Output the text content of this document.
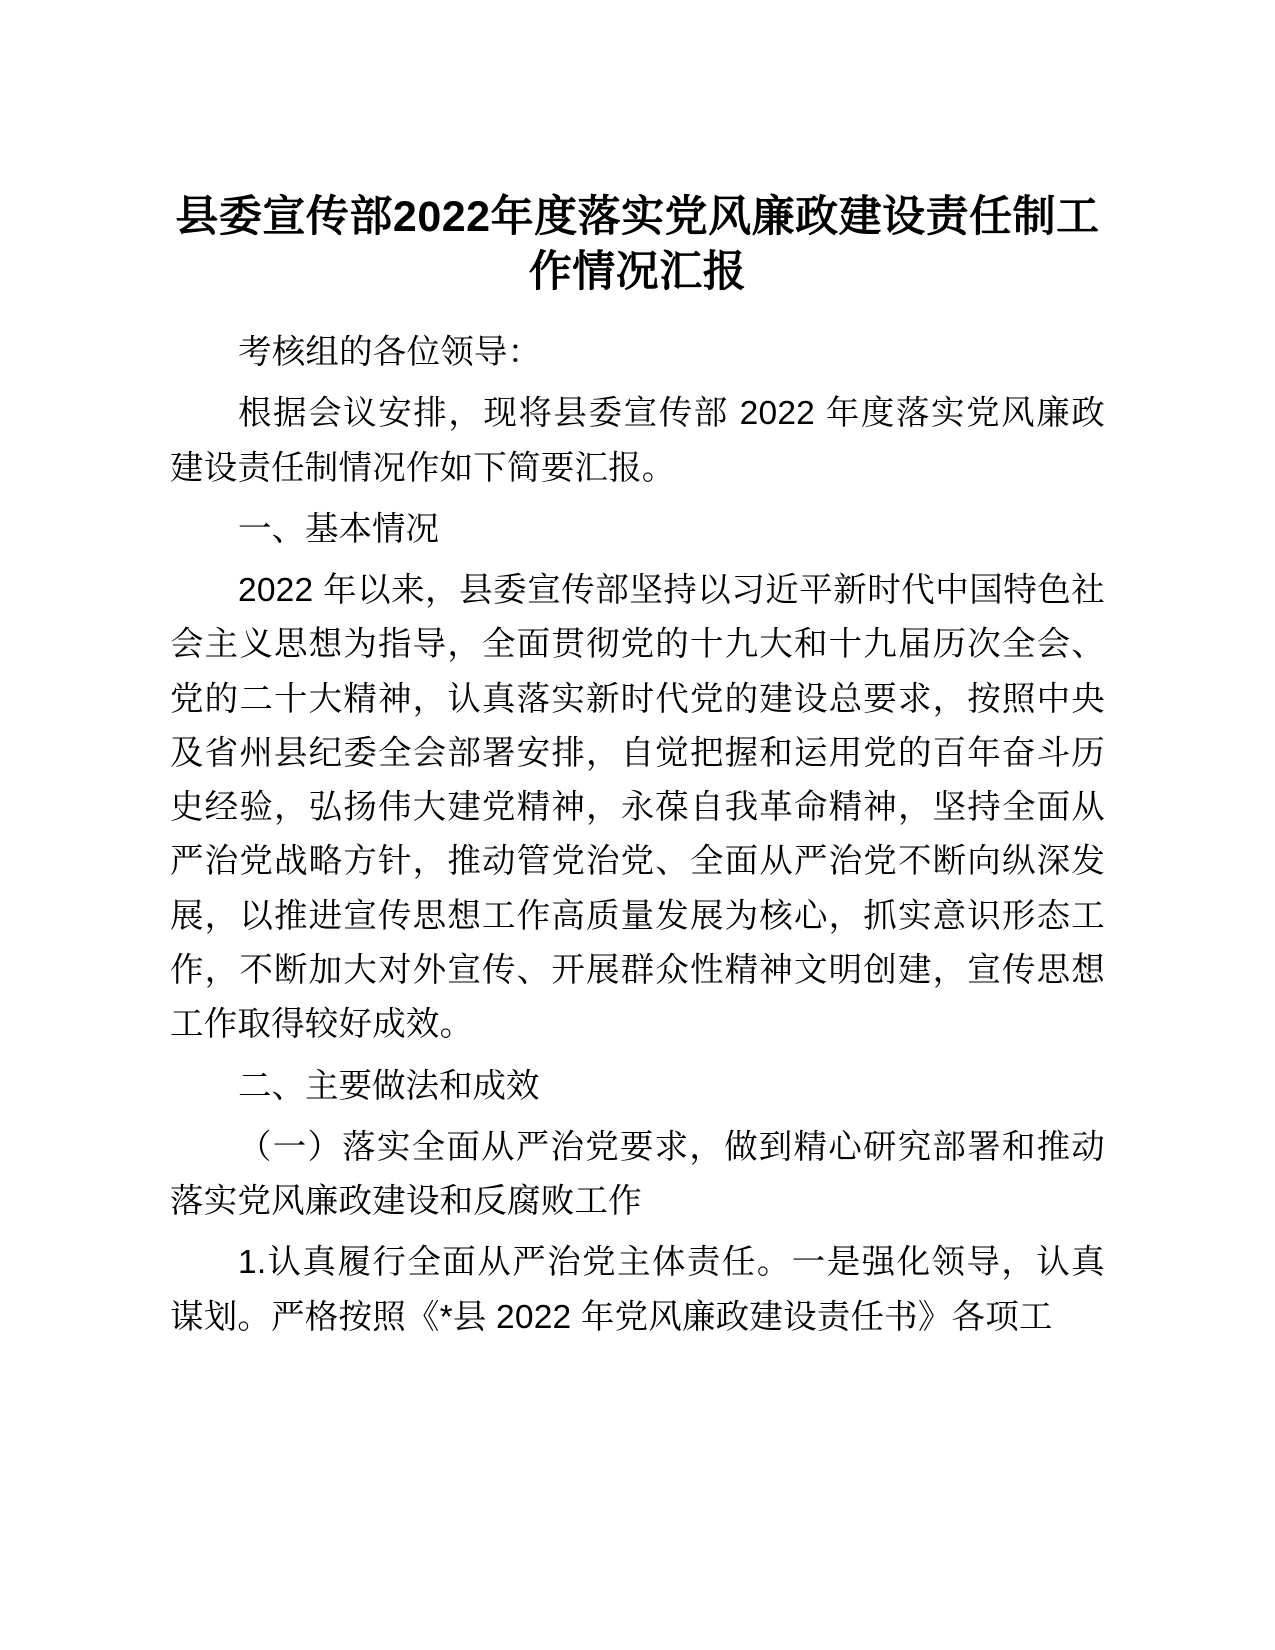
县委宣传部2022年度落实党风廉政建设责任制工作情况汇报

考核组的各位领导：

根据会议安排，现将县委宣传部 2022 年度落实党风廉政建设责任制情况作如下简要汇报。

一、基本情况

2022 年以来，县委宣传部坚持以习近平新时代中国特色社会主义思想为指导，全面贯彻党的十九大和十九届历次全会、党的二十大精神，认真落实新时代党的建设总要求，按照中央及省州县纪委全会部署安排，自觉把握和运用党的百年奋斗历史经验，弘扬伟大建党精神，永葆自我革命精神，坚持全面从严治党战略方针，推动管党治党、全面从严治党不断向纵深发展，以推进宣传思想工作高质量发展为核心，抓实意识形态工作，不断加大对外宣传、开展群众性精神文明创建，宣传思想工作取得较好成效。

二、主要做法和成效

（一）落实全面从严治党要求，做到精心研究部署和推动落实党风廉政建设和反腐败工作

1.认真履行全面从严治党主体责任。一是强化领导，认真谋划。严格按照《*县 2022 年党风廉政建设责任书》各项工
